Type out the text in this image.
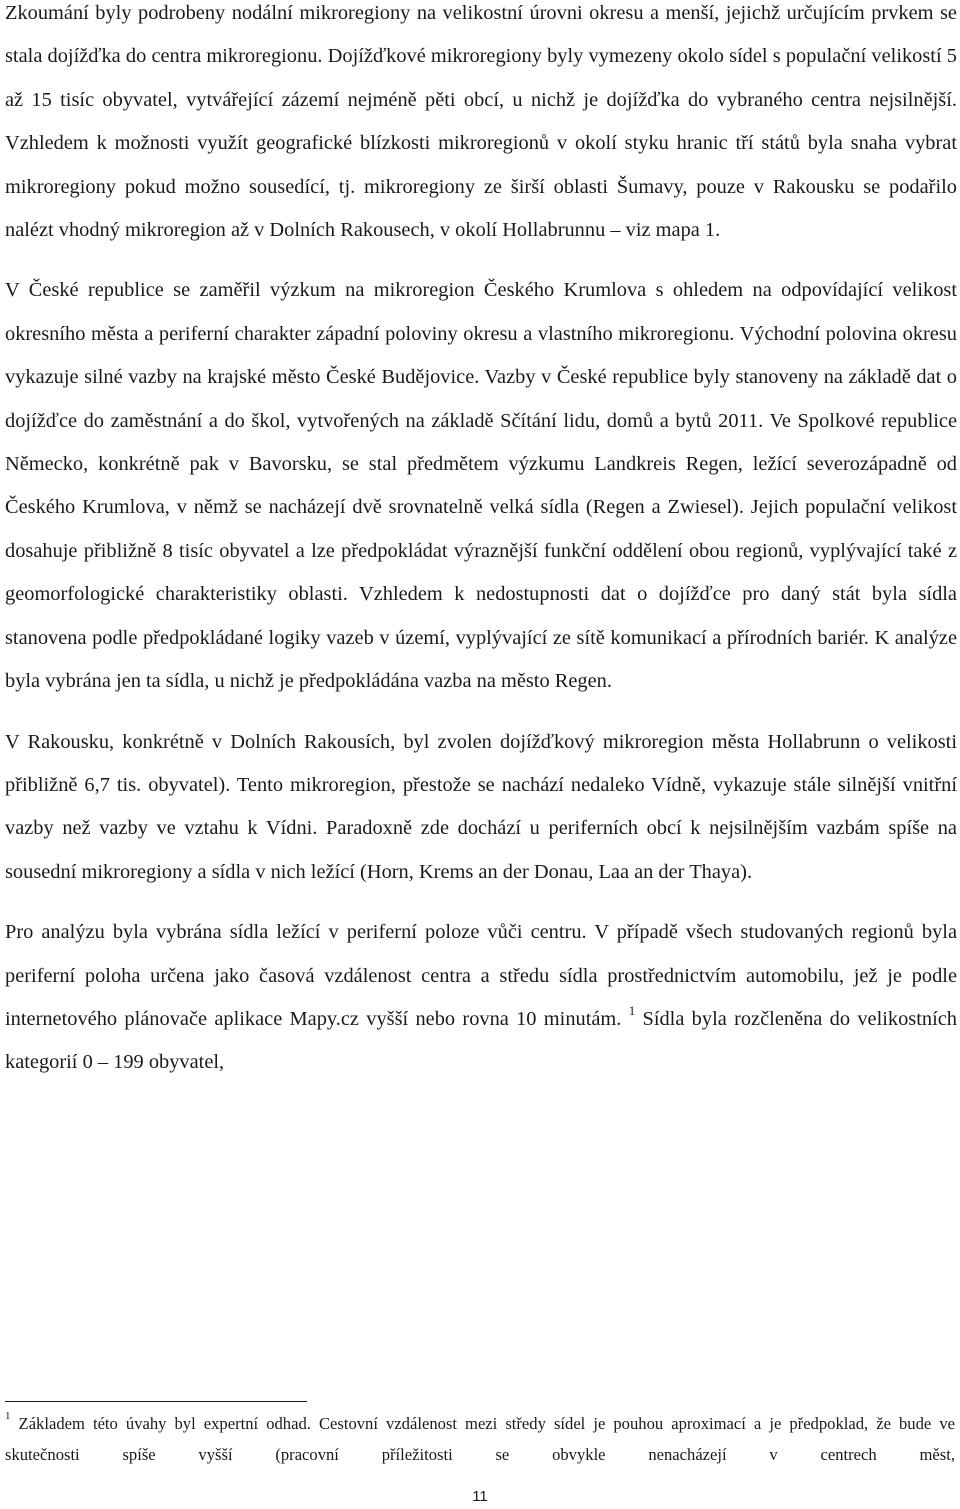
Zkoumání byly podrobeny nodální mikroregiony na velikostní úrovni okresu a menší, jejichž určujícím prvkem se stala dojížďka do centra mikroregionu. Dojížďkové mikroregiony byly vymezeny okolo sídel s populační velikostí 5 až 15 tisíc obyvatel, vytvářející zázemí nejméně pěti obcí, u nichž je dojížďka do vybraného centra nejsilnější. Vzhledem k možnosti využít geografické blízkosti mikroregionů v okolí styku hranic tří států byla snaha vybrat mikroregiony pokud možno sousedící, tj. mikroregiony ze širší oblasti Šumavy, pouze v Rakousku se podařilo nalézt vhodný mikroregion až v Dolních Rakousech, v okolí Hollabrunnu – viz mapa 1.

V České republice se zaměřil výzkum na mikroregion Českého Krumlova s ohledem na odpovídající velikost okresního města a periferní charakter západní poloviny okresu a vlastního mikroregionu. Východní polovina okresu vykazuje silné vazby na krajské město České Budějovice. Vazby v České republice byly stanoveny na základě dat o dojížďce do zaměstnání a do škol, vytvořených na základě Sčítání lidu, domů a bytů 2011. Ve Spolkové republice Německo, konkrétně pak v Bavorsku, se stal předmětem výzkumu Landkreis Regen, ležící severozápadně od Českého Krumlova, v němž se nacházejí dvě srovnatelně velká sídla (Regen a Zwiesel). Jejich populační velikost dosahuje přibližně 8 tisíc obyvatel a lze předpokládat výraznější funkční oddělení obou regionů, vyplývající také z geomorfologické charakteristiky oblasti. Vzhledem k nedostupnosti dat o dojížďce pro daný stát byla sídla stanovena podle předpokládané logiky vazeb v území, vyplývající ze sítě komunikací a přírodních bariér. K analýze byla vybrána jen ta sídla, u nichž je předpokládána vazba na město Regen.

V Rakousku, konkrétně v Dolních Rakousích, byl zvolen dojížďkový mikroregion města Hollabrunn o velikosti přibližně 6,7 tis. obyvatel). Tento mikroregion, přestože se nachází nedaleko Vídně, vykazuje stále silnější vnitřní vazby než vazby ve vztahu k Vídni. Paradoxně zde dochází u periferních obcí k nejsilnějším vazbám spíše na sousední mikroregiony a sídla v nich ležící (Horn, Krems an der Donau, Laa an der Thaya).

Pro analýzu byla vybrána sídla ležící v periferní poloze vůči centru. V případě všech studovaných regionů byla periferní poloha určena jako časová vzdálenost centra a středu sídla prostřednictvím automobilu, jež je podle internetového plánovače aplikace Mapy.cz vyšší nebo rovna 10 minutám. $^1$ Sídla byla rozčleněna do velikostních kategorií 0 – 199 obyvatel,

$^1$ Základem této úvahy byl expertní odhad. Cestovní vzdálenost mezi středy sídel je pouhou aproximací a je předpoklad, že bude ve skutečnosti spíše vyšší (pracovní příležitosti se obvykle nenacházejí v centrech měst,

11
